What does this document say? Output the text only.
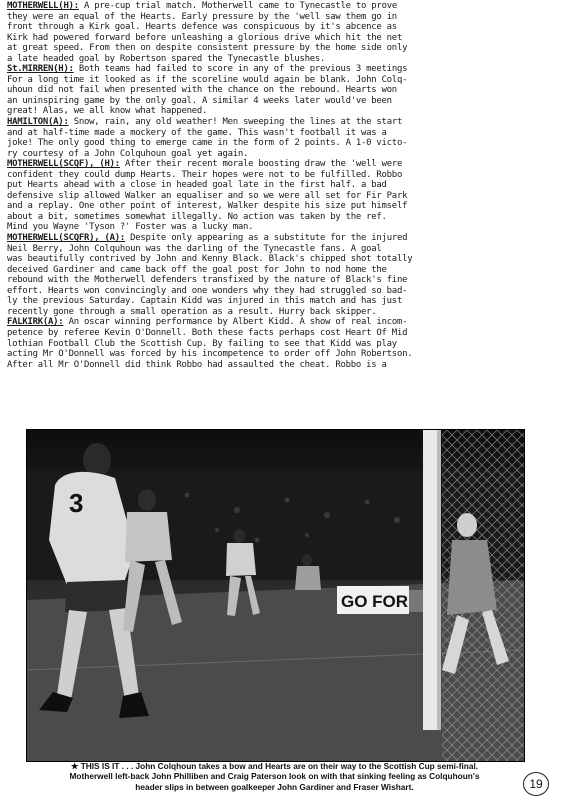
MOTHERWELL(H): A pre-cup trial match. Motherwell came to Tynecastle to prove
they were an equal of the Hearts. Early pressure by the 'well saw them go in
front through a Kirk goal. Hearts defence was conspicuous by it's abcence as
Kirk had powered forward before unleashing a glorious drive which hit the net
at great speed. From then on despite consistent pressure by the home side only
a late headed goal by Robertson spared the Tynecastle blushes.
St.MIRREN(H): Both teams had failed to score in any of the previous 3 meetings
For a long time it looked as if the scoreline would again be blank. John Colq-
uhoun did not fail when presented with the chance on the rebound. Hearts won
an uninspiring game by the only goal. A similar 4 weeks later would've been
great! Alas, we all know what happened.
HAMILTON(A): Snow, rain, any old weather! Men sweeping the lines at the start
and at half-time made a mockery of the game. This wasn't football it was a
joke! The only good thing to emerge came in the form of 2 points. A 1-0 victo-
ry courtesy of a John Colquhoun goal yet again.
MOTHERWELL(SCQF), (H): After their recent morale boosting draw the 'well were
confident they could dump Hearts. Their hopes were not to be fulfilled. Robbo
put Hearts ahead with a close in headed goal late in the first half. a bad
defensive slip allowed Walker an equaliser and so we were all set for Fir Park
and a replay. One other point of interest, Walker despite his size put himself
about a bit, sometimes somewhat illegally. No action was taken by the ref.
Mind you Wayne 'Tyson ?' Foster was a lucky man.
MOTHERWELL(SCQFR), (A): Despite only appearing as a substitute for the injured
Neil Berry, John Colquhoun was the darling of the Tynecastle fans. A goal
was beautifully contrived by John and Kenny Black. Black's chipped shot totally
deceived Gardiner and came back off the goal post for John to nod home the
rebound with the Motherwell defenders transfixed by the nature of Black's fine
effort. Hearts won convincingly and one wonders why they had struggled so bad-
ly the previous Saturday. Captain Kidd was injured in this match and has just
recently gone through a small operation as a result. Hurry back skipper.
FALKIRK(A): An oscar winning performance by Albert Kidd. A show of real incom-
petence by referee Kevin O'Donnell. Both these facts perhaps cost Heart Of Mid
lothian Football Club the Scottish Cup. By failing to see that Kidd was play
acting Mr O'Donnell was forced by his incompetence to order off John Robertson.
After all Mr O'Donnell did think Robbo had assaulted the cheat. Robbo is a
GO FOR
3
★ THIS IS IT . . . John Colqhoun takes a bow and Hearts are on their way to the Scottish Cup semi-final.
Motherwell left-back John Philliben and Craig Paterson look on with that sinking feeling as Colquhoun's
header slips in between goalkeeper John Gardiner and Fraser Wishart.	19
